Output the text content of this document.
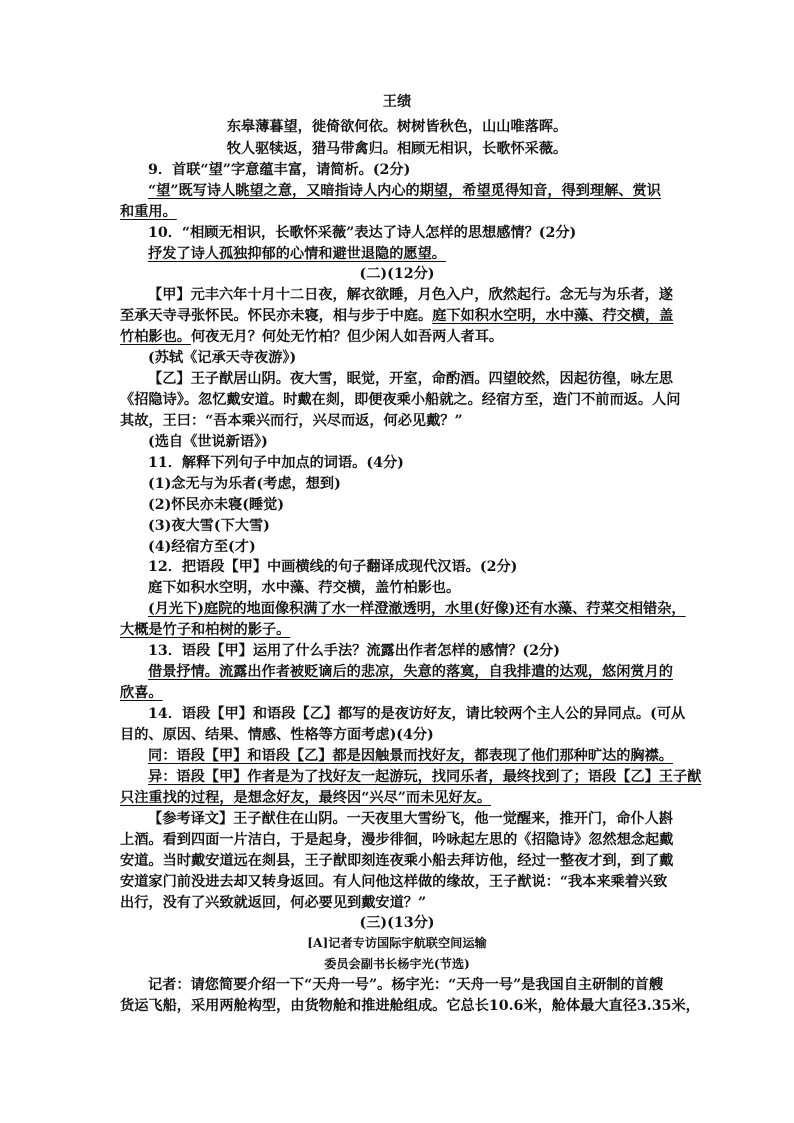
王绩
东皋薄暮望，徙倚欲何依。树树皆秋色，山山唯落晖。
牧人驱犊返，猎马带禽归。相顾无相识，长歌怀采薇。
9．首联“望”字意蕴丰富，请简析。(2分)
“望”既写诗人眺望之意，又暗指诗人内心的期望，希望觅得知音，得到理解、赏识
和重用。
10．“相顾无相识，长歌怀采薇”表达了诗人怎样的思想感情？(2分)
抒发了诗人孤独抑郁的心情和避世退隐的愿望。
(二)(12分)
【甲】元丰六年十月十二日夜，解衣欲睡，月色入户，欣然起行。念无与为乐者，遂
至承天寺寻张怀民。怀民亦未寝，相与步于中庭。庭下如积水空明，水中藻、荇交横，盖
竹柏影也。何夜无月？何处无竹柏？但少闲人如吾两人者耳。
(苏轼《记承天寺夜游》)
【乙】王子猷居山阴。夜大雪，眠觉，开室，命酌酒。四望皎然，因起彷徨，咏左思
《招隐诗》。忽忆戴安道。时戴在剡，即便夜乘小船就之。经宿方至，造门不前而返。人问
其故，王曰：“吾本乘兴而行，兴尽而返，何必见戴？”
(选自《世说新语》)
11．解释下列句子中加点的词语。(4分)
(1)念无与为乐者(考虑，想到)
(2)怀民亦未寝(睡觉)
(3)夜大雪(下大雪)
(4)经宿方至(才)
12．把语段【甲】中画横线的句子翻译成现代汉语。(2分)
庭下如积水空明，水中藻、荇交横，盖竹柏影也。
(月光下)庭院的地面像积满了水一样澄澈透明，水里(好像)还有水藻、荇菜交相错杂，
大概是竹子和柏树的影子。
13．语段【甲】运用了什么手法？流露出作者怎样的感情？(2分)
借景抒情。流露出作者被贬谪后的悲凉，失意的落寞，自我排遣的达观，悠闲赏月的
欣喜。
14．语段【甲】和语段【乙】都写的是夜访好友，请比较两个主人公的异同点。(可从
目的、原因、结果、情感、性格等方面考虑)(4分)
同：语段【甲】和语段【乙】都是因触景而找好友，都表现了他们那种旷达的胸襟。
异：语段【甲】作者是为了找好友一起游玩，找同乐者，最终找到了；语段【乙】王子猷
只注重找的过程，是想念好友，最终因“兴尽”而未见好友。
【参考译文】王子猷住在山阴。一天夜里大雪纷飞，他一觉醒来，推开门，命仆人斟
上酒。看到四面一片洁白，于是起身，漫步徘徊，吟咏起左思的《招隐诗》忽然想念起戴
安道。当时戴安道远在剡县，王子猷即刻连夜乘小船去拜访他，经过一整夜才到，到了戴
安道家门前没进去却又转身返回。有人问他这样做的缘故，王子猷说：“我本来乘着兴致
出行，没有了兴致就返回，何必要见到戴安道？”
(三)(13分)
[A]记者专访国际宇航联空间运输
委员会副书长杨宇光(节选)
记者：请您简要介绍一下“天舟一号”。杨宇光：“天舟一号”是我国自主研制的首艘
货运飞船，采用两舱构型，由货物舱和推进舱组成。它总长10.6米，舱体最大直径3.35米，
